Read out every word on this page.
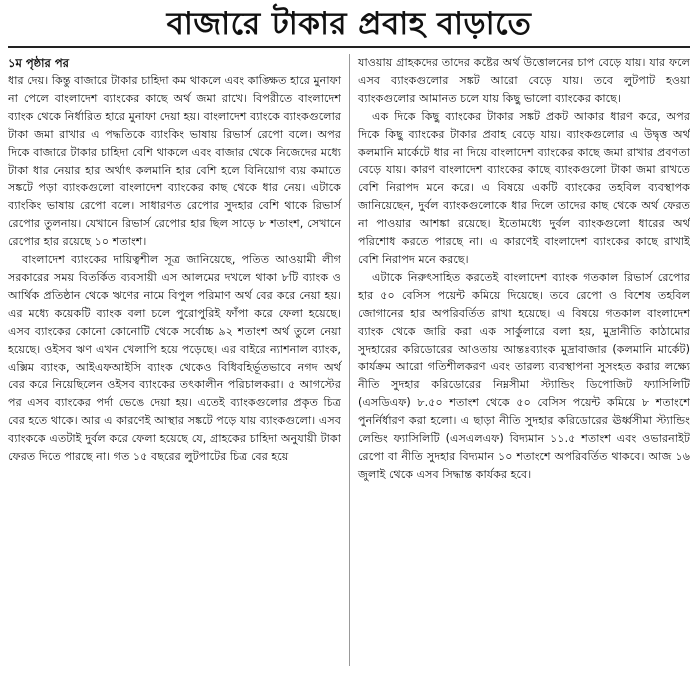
বাজারে টাকার প্রবাহ বাড়াতে

১ম পৃষ্ঠার পর

ধার দেয়। কিন্তু বাজারে টাকার চাহিদা কম থাকলে এবং কাঙ্ক্ষিত হারে মুনাফা না পেলে বাংলাদেশ ব্যাংকের কাছে অর্থ জমা রাখে। বিপরীতে বাংলাদেশ ব্যাংক থেকে নির্ধারিত হারে মুনাফা দেয়া হয়। বাংলাদেশ ব্যাংকে ব্যাংকগুলোর টাকা জমা রাখার এ পদ্ধতিকে ব্যাংকিং ভাষায় রিভার্স রেপো বলে। অপর দিকে বাজারে টাকার চাহিদা বেশি থাকলে এবং বাজার থেকে নিজেদের মধ্যে টাকা ধার নেয়ার হার অর্থাৎ কলমানি হার বেশি হলে বিনিয়োগ ব্যয় কমাতে সঙ্কটে পড়া ব্যাংকগুলো বাংলাদেশ ব্যাংকের কাছ থেকে ধার নেয়। এটাকে ব্যাংকিং ভাষায় রেপো বলে। সাধারণত রেপোর সুদহার বেশি থাকে রিভার্স রেপোর তুলনায়। যেখানে রিভার্স রেপোর হার ছিল সাড়ে ৮ শতাংশ, সেখানে রেপোর হার রয়েছে ১০ শতাংশ।

বাংলাদেশ ব্যাংকের দায়িত্বশীল সূত্র জানিয়েছে, পতিত আওয়ামী লীগ সরকারের সময় বিতর্কিত ব্যবসায়ী এস আলমের দখলে থাকা ৮টি ব্যাংক ও আর্থিক প্রতিষ্ঠান থেকে ঋণের নামে বিপুল পরিমাণ অর্থ বের করে নেয়া হয়। এর মধ্যে কয়েকটি ব্যাংক বলা চলে পুরোপুরিই ফাঁপা করে ফেলা হয়েছে। এসব ব্যাংকের কোনো কোনোটি থেকে সর্বোচ্চ ৯২ শতাংশ অর্থ তুলে নেয়া হয়েছে। ওইসব ঋণ এখন খেলাপি হয়ে পড়েছে। এর বাইরে ন্যাশনাল ব্যাংক, এক্সিম ব্যাংক, আইএফআইসি ব্যাংক থেকেও বিধিবহির্ভূতভাবে নগদ অর্থ বের করে নিয়েছিলেন ওইসব ব্যাংকের তৎকালীন পরিচালকরা। ৫ আগস্টের পর এসব ব্যাংকের পর্দা ভেঙে দেয়া হয়। এতেই ব্যাংকগুলোর প্রকৃত চিত্র বের হতে থাকে। আর এ কারণেই আস্থার সঙ্কটে পড়ে যায় ব্যাংকগুলো। এসব ব্যাংককে এতটাই দুর্বল করে ফেলা হয়েছে যে, গ্রাহকের চাহিদা অনুযায়ী টাকা ফেরত দিতে পারছে না। গত ১৫ বছরের লুটপাটের চিত্র বের হয়ে

যাওয়ায় গ্রাহকদের তাদের কষ্টের অর্থ উত্তোলনের চাপ বেড়ে যায়। যার ফলে এসব ব্যাংকগুলোর সঙ্কট আরো বেড়ে যায়। তবে লুটপাট হওয়া ব্যাংকগুলোর আমানত চলে যায় কিছু ভালো ব্যাংকের কাছে।

এক দিকে কিছু ব্যাংকের টাকার সঙ্কট প্রকট আকার ধারণ করে, অপর দিকে কিছু ব্যাংকের টাকার প্রবাহ বেড়ে যায়। ব্যাংকগুলোর এ উদ্বৃত্ত অর্থ কলমানি মার্কেটে ধার না দিয়ে বাংলাদেশ ব্যাংকের কাছে জমা রাখার প্রবণতা বেড়ে যায়। কারণ বাংলাদেশ ব্যাংকের কাছে ব্যাংকগুলো টাকা জমা রাখতে বেশি নিরাপদ মনে করে। এ বিষয়ে একটি ব্যাংকের তহবিল ব্যবস্থাপক জানিয়েছেন, দুর্বল ব্যাংকগুলোকে ধার দিলে তাদের কাছ থেকে অর্থ ফেরত না পাওয়ার আশঙ্কা রয়েছে। ইতোমধ্যে দুর্বল ব্যাংকগুলো ধারের অর্থ পরিশোধ করতে পারছে না। এ কারণেই বাংলাদেশ ব্যাংকের কাছে রাখাই বেশি নিরাপদ মনে করছে।

এটাকে নিরুৎসাহিত করতেই বাংলাদেশ ব্যাংক গতকাল রিভার্স রেপোর হার ৫০ বেসিস পয়েন্ট কমিয়ে দিয়েছে। তবে রেপো ও বিশেষ তহবিল জোগানের হার অপরিবর্তিত রাখা হয়েছে। এ বিষয়ে গতকাল বাংলাদেশ ব্যাংক থেকে জারি করা এক সার্কুলারে বলা হয়, মুদ্রানীতি কাঠামোর সুদহারের করিডোরের আওতায় আন্তঃব্যাংক মুদ্রাবাজার (কলমানি মার্কেট) কার্যক্রম আরো গতিশীলকরণ এবং তারল্য ব্যবস্থাপনা সুসংহত করার লক্ষ্যে নীতি সুদহার করিডোরের নিম্নসীমা স্ট্যান্ডিং ডিপোজিট ফ্যাসিলিটি (এসডিএফ) ৮.৫০ শতাংশ থেকে ৫০ বেসিস পয়েন্ট কমিয়ে ৮ শতাংশে পুনর্নির্ধারণ করা হলো। এ ছাড়া নীতি সুদহার করিডোরের ঊর্ধ্বসীমা স্ট্যান্ডিং লেন্ডিং ফ্যাসিলিটি (এসএলএফ) বিদ্যমান ১১.৫ শতাংশ এবং ওভারনাইট রেপো বা নীতি সুদহার বিদ্যমান ১০ শতাংশে অপরিবর্তিত থাকবে। আজ ১৬ জুলাই থেকে এসব সিদ্ধান্ত কার্যকর হবে।
